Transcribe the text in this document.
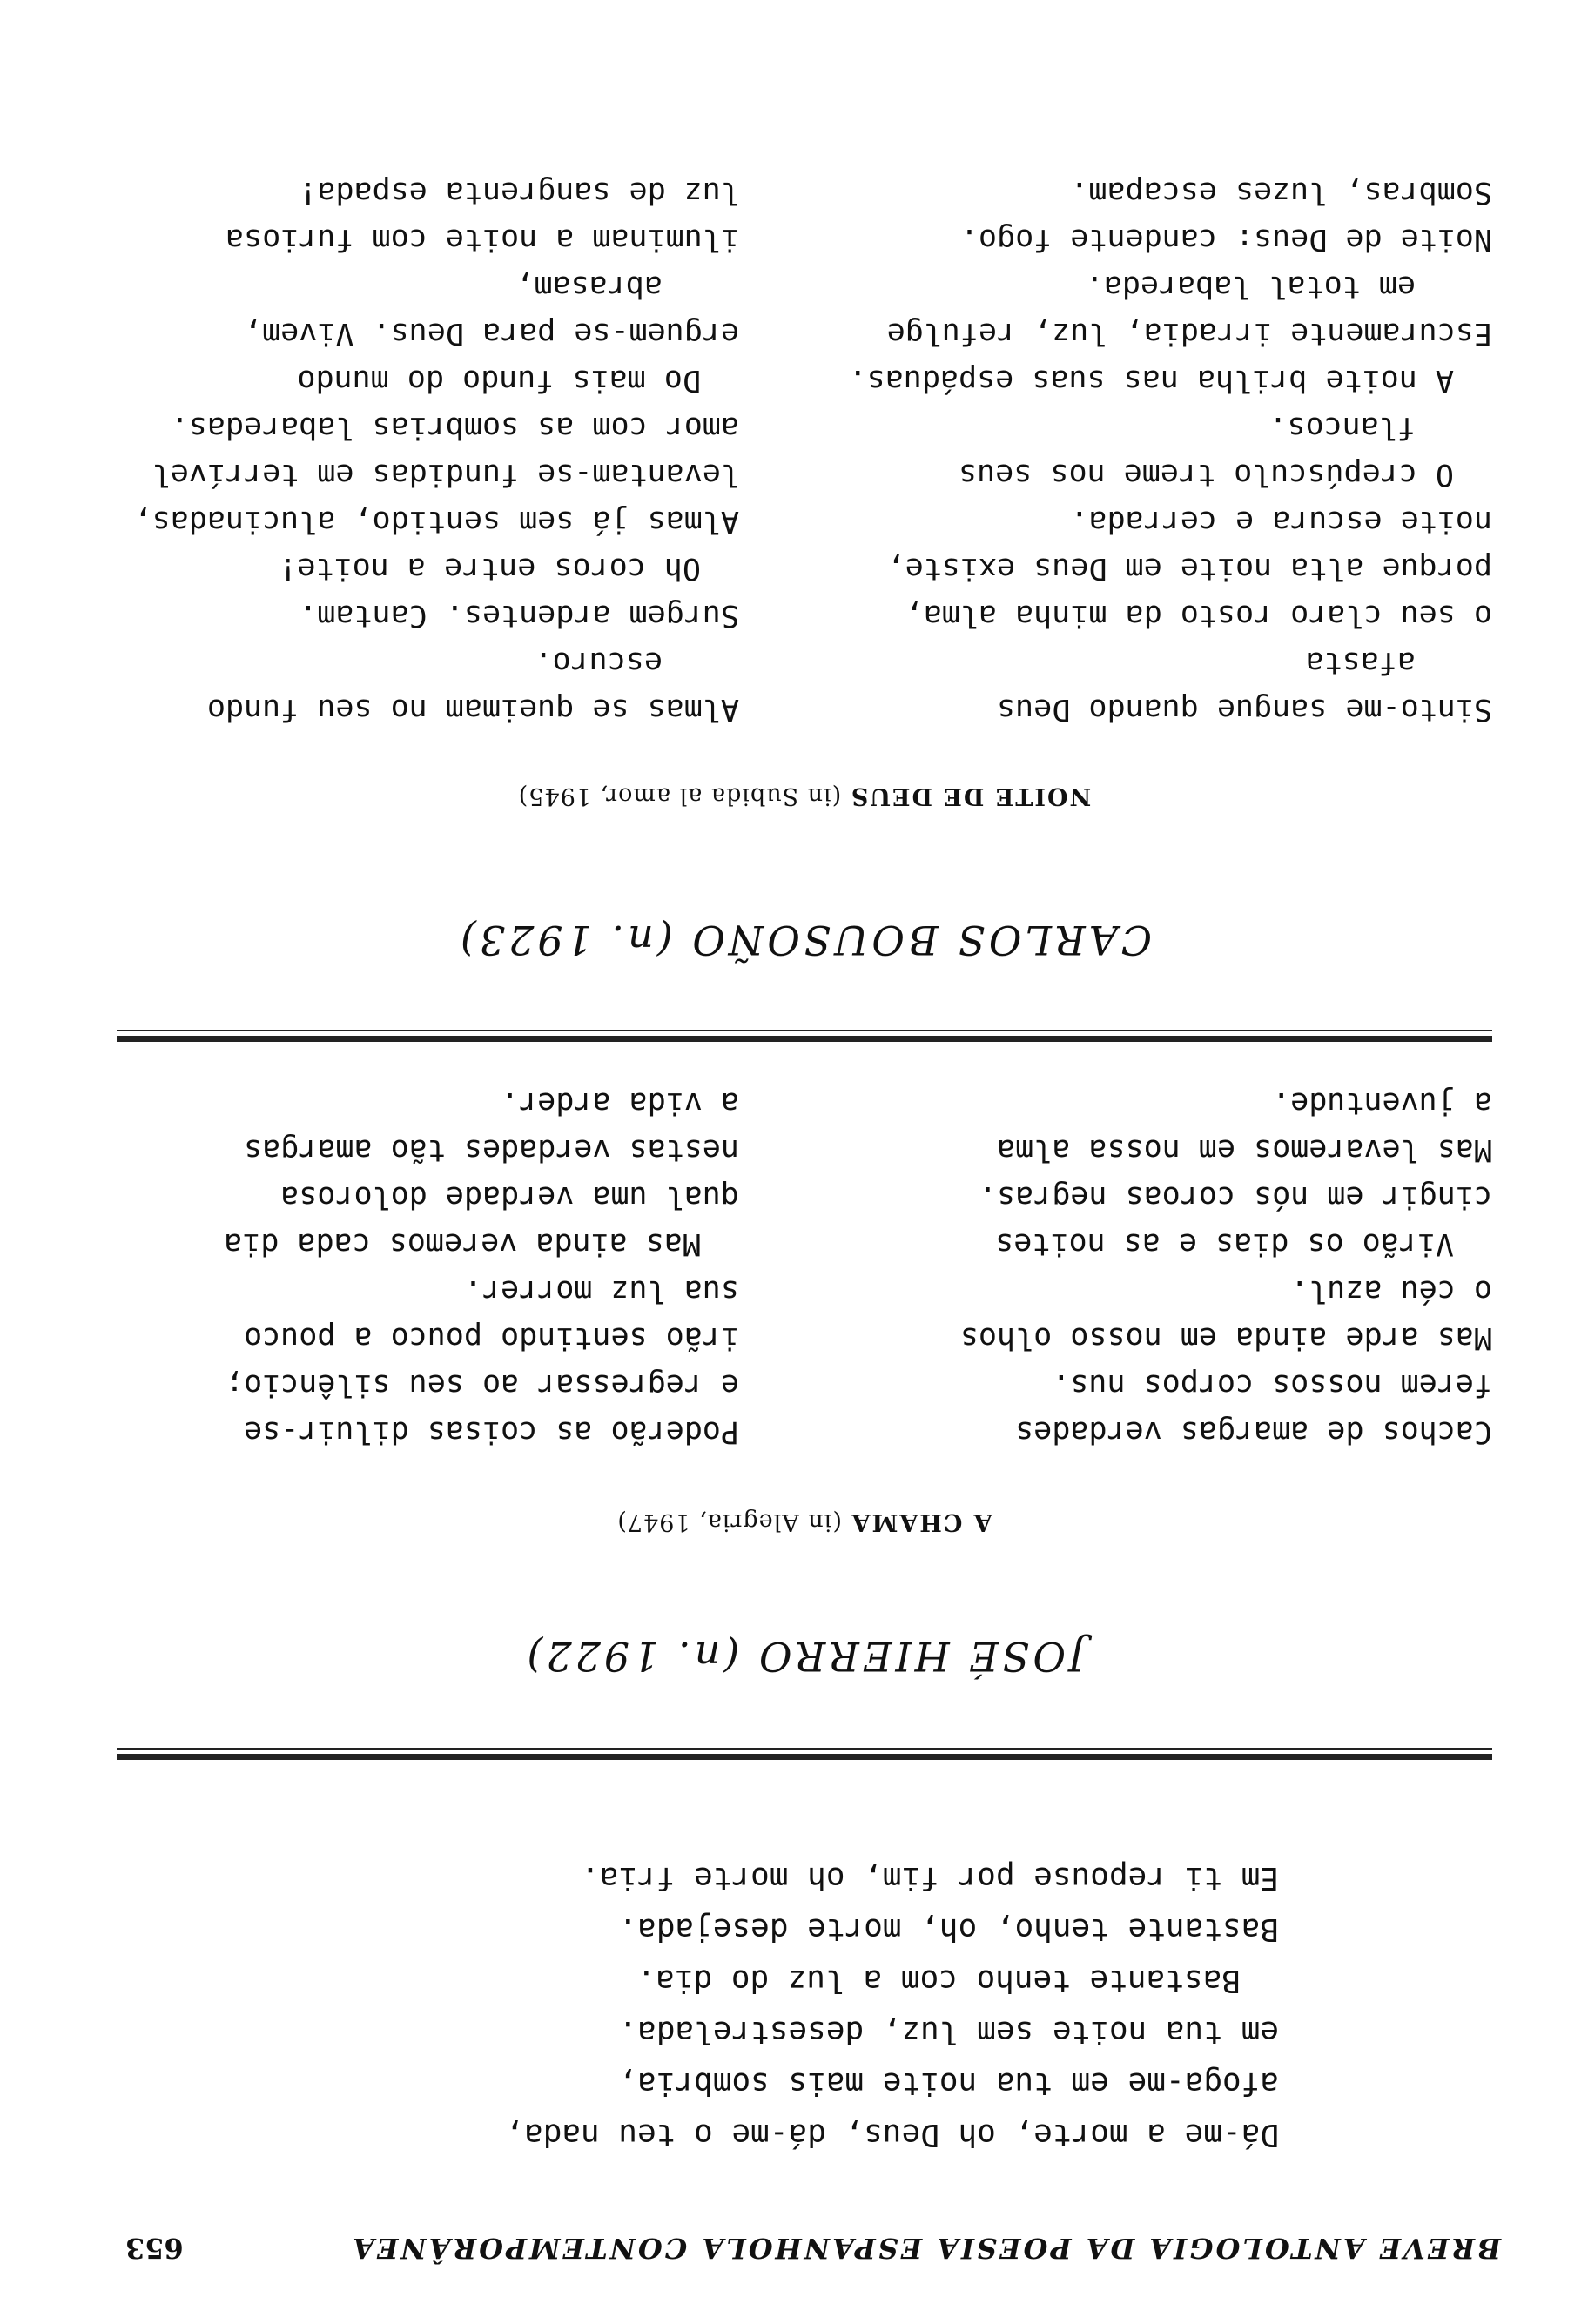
BREVE ANTOLOGIA DA POESIA ESPANHOLA CONTEMPORÂNEA
653
Dá-me a morte, oh Deus, dá-me o teu nada,
afoga-me em tua noite mais sombria,
em tua noite sem luz, desestrelada.
Bastante tenho com a luz do dia.
Bastante tenho, oh, morte desejada.
Em ti repouse por fim, oh morte fria.
JOSÉ HIERRO (n. 1922)
A CHAMA (in Alegria, 1947)
Cachos de amargas verdades
ferem nossos corpos nus.
Mas arde ainda em nosso olhos
o céu azul.
Virão os dias e as noites
cingir em nós coroas negras.
Mas levaremos em nossa alma
a juventude.
Poderão as coisas diluir-se
e regressar ao seu silêncio;
irão sentindo pouco a pouco
sua luz morrer.
Mas ainda veremos cada dia
qual uma verdade dolorosa
nestas verdades tão amargas
a vida arder.
CARLOS BOUSOÑO (n. 1923)
NOITE DE DEUS (in Subida al amor, 1945)
Sinto-me sangue quando Deus
afasta
o seu claro rosto da minha alma,
porque alta noite em Deus existe,
noite escura e cerrada.
O crepúsculo treme nos seus
flancos.
A noite brilha nas suas espáduas.
Escuramente irradia, luz, refulge
em total labareda.
Noite de Deus: candente fogo.
Sombras, luzes escapam.
Almas se queimam no seu fundo
escuro.
Surgem ardentes. Cantam.
Oh coros entre a noite!
Almas já sem sentido, alucinadas,
levantam-se fundidas em terrível
amor com as sombrias labaredas.
Do mais fundo do mundo
erguem-se para Deus. Vivem,
abrasam,
iluminam a noite com furiosa
luz de sangrenta espada!
